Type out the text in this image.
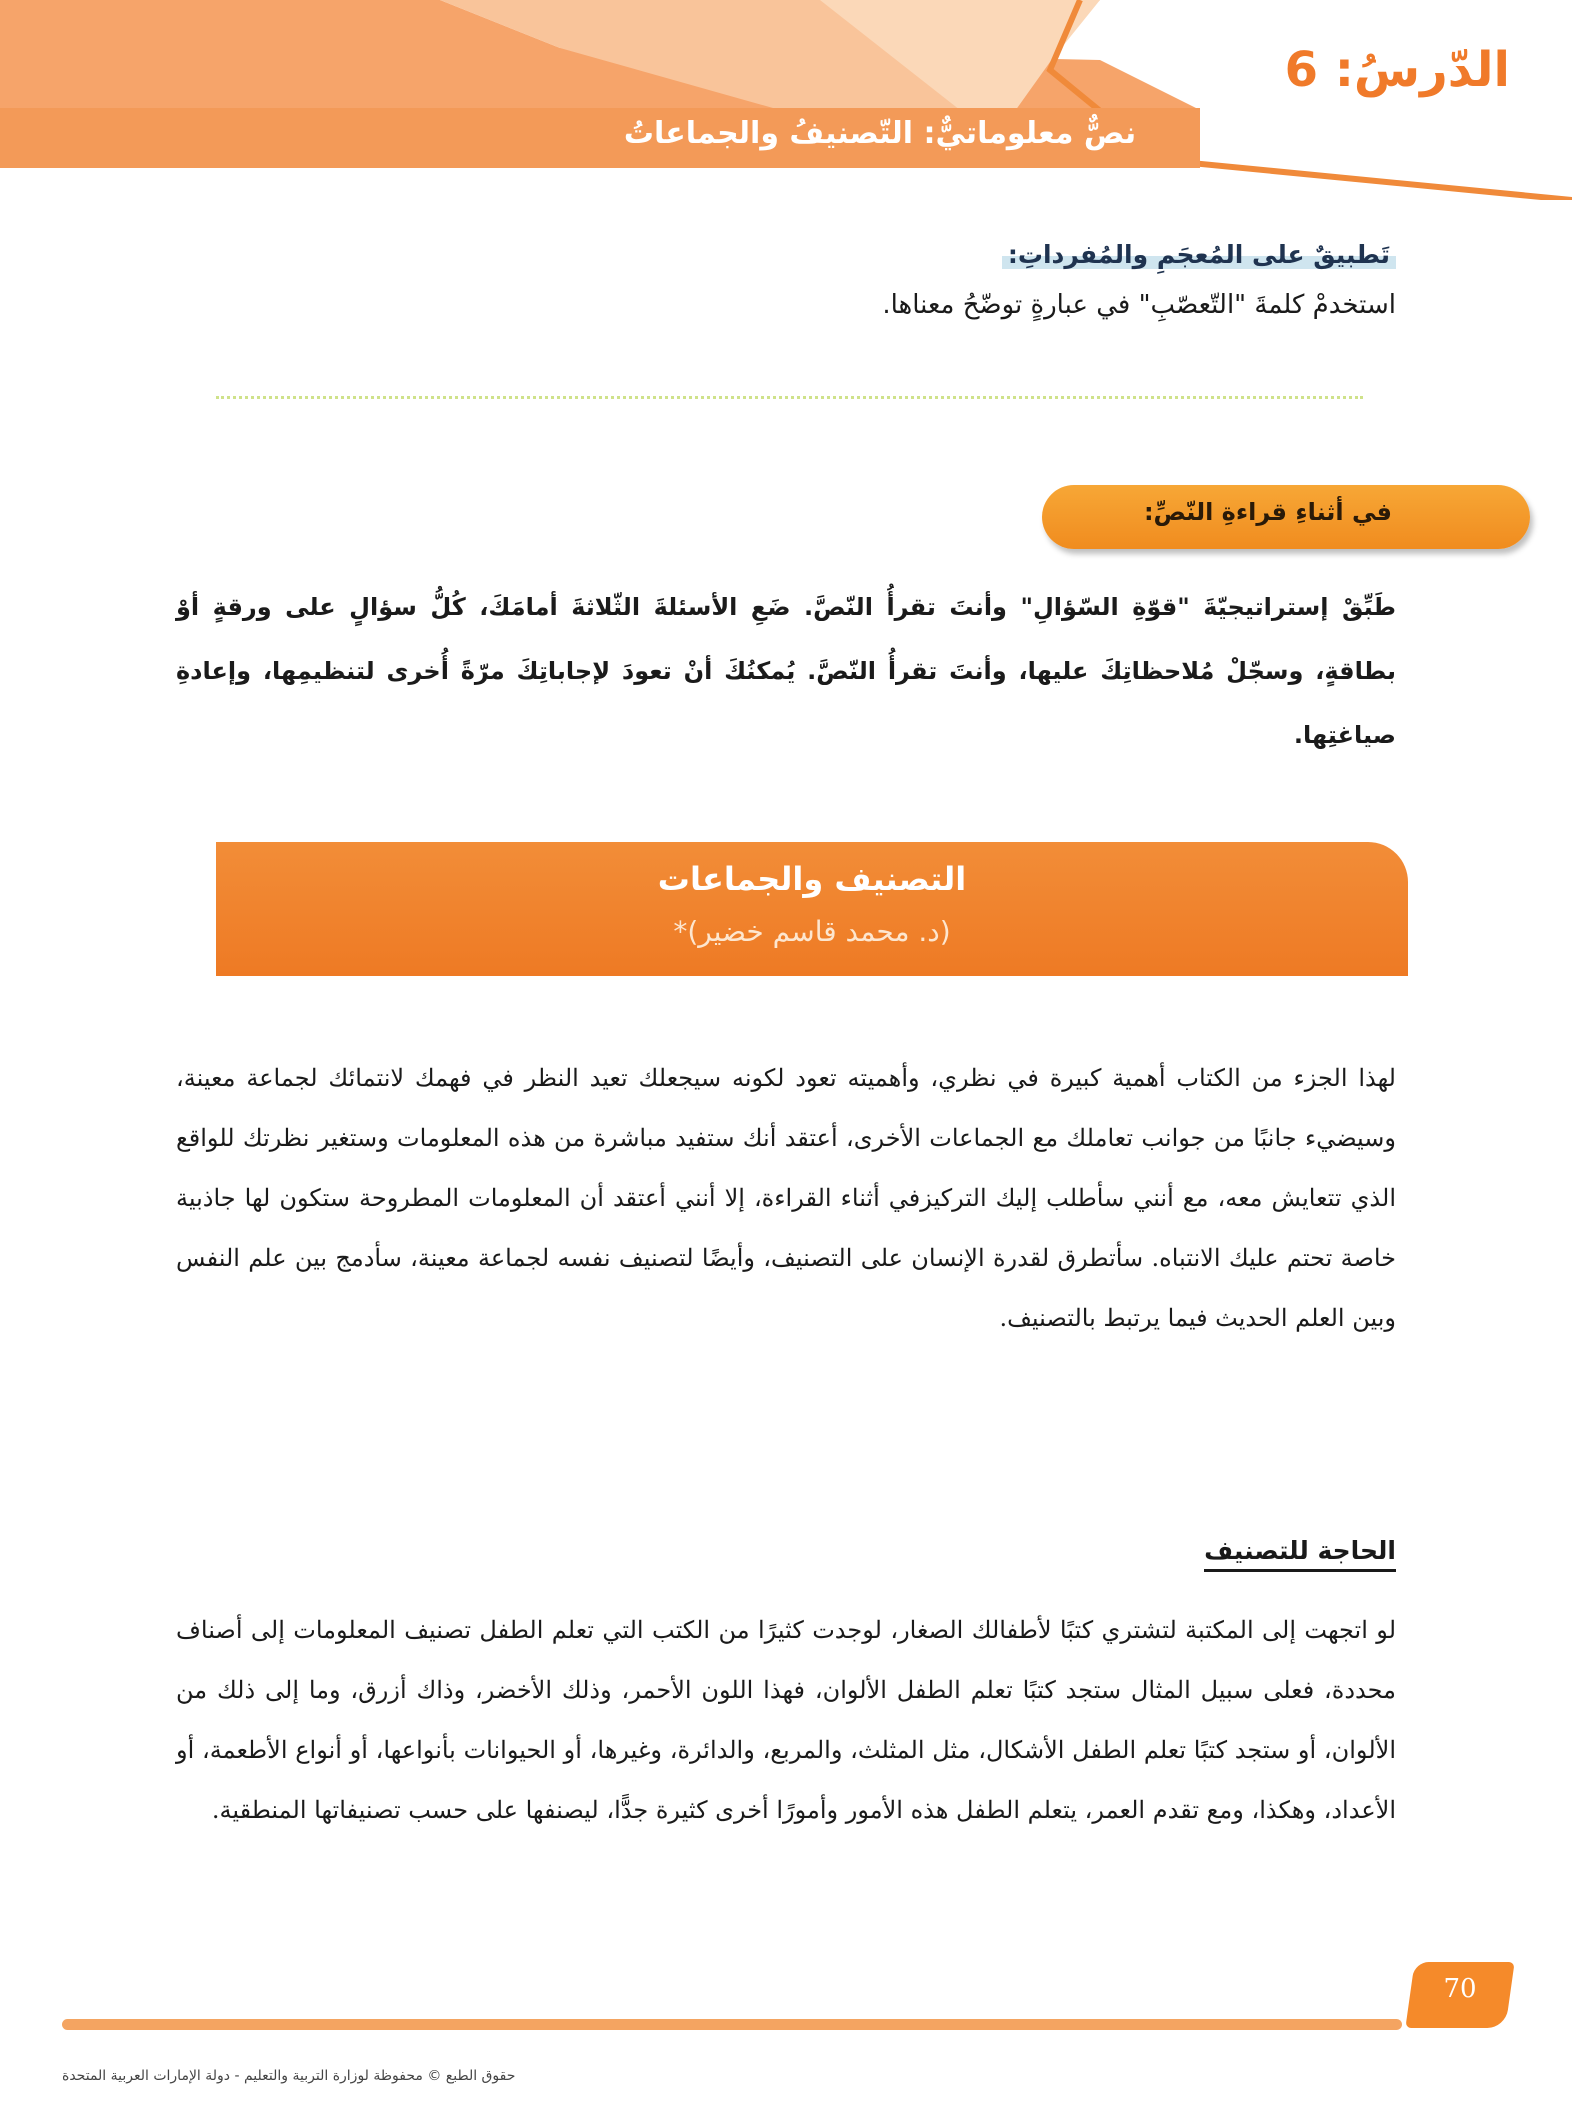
الدّرسُ: 6
نصٌّ معلوماتيٌّ: التّصنيفُ والجماعاتُ
تَطبيقٌ على المُعجَمِ والمُفرداتِ:
استخدمْ كلمةَ "التّعصّبِ" في عبارةٍ توضّحُ معناها.
في أثناءِ قراءةِ النّصِّ:
طَبِّقْ إستراتيجيّةَ "قوّةِ السّؤالِ" وأنتَ تقرأُ النّصَّ. ضَعِ الأسئلةَ الثّلاثةَ أمامَكَ، كُلُّ سؤالٍ على ورقةٍ أوْ بطاقةٍ، وسجّلْ مُلاحظاتِكَ عليها، وأنتَ تقرأُ النّصَّ. يُمكنُكَ أنْ تعودَ لإجاباتِكَ مرّةً أُخرى لتنظيمِها، وإعادةِ صياغتِها.
التصنيف والجماعات
(د. محمد قاسم خضير)*
لهذا الجزء من الكتاب أهمية كبيرة في نظري، وأهميته تعود لكونه سيجعلك تعيد النظر في فهمك لانتمائك لجماعة معينة، وسيضيء جانبًا من جوانب تعاملك مع الجماعات الأخرى، أعتقد أنك ستفيد مباشرة من هذه المعلومات وستغير نظرتك للواقع الذي تتعايش معه، مع أنني سأطلب إليك التركيزفي أثناء القراءة، إلا أنني أعتقد أن المعلومات المطروحة ستكون لها جاذبية خاصة تحتم عليك الانتباه. سأتطرق لقدرة الإنسان على التصنيف، وأيضًا لتصنيف نفسه لجماعة معينة، سأدمج بين علم النفس وبين العلم الحديث فيما يرتبط بالتصنيف.
الحاجة للتصنيف
لو اتجهت إلى المكتبة لتشتري كتبًا لأطفالك الصغار، لوجدت كثيرًا من الكتب التي تعلم الطفل تصنيف المعلومات إلى أصناف محددة، فعلى سبيل المثال ستجد كتبًا تعلم الطفل الألوان، فهذا اللون الأحمر، وذلك الأخضر، وذاك أزرق، وما إلى ذلك من الألوان، أو ستجد كتبًا تعلم الطفل الأشكال، مثل المثلث، والمربع، والدائرة، وغيرها، أو الحيوانات بأنواعها، أو أنواع الأطعمة، أو الأعداد، وهكذا، ومع تقدم العمر، يتعلم الطفل هذه الأمور وأمورًا أخرى كثيرة جدًّا، ليصنفها على حسب تصنيفاتها المنطقية.
70
حقوق الطبع © محفوظة لوزارة التربية والتعليم - دولة الإمارات العربية المتحدة
